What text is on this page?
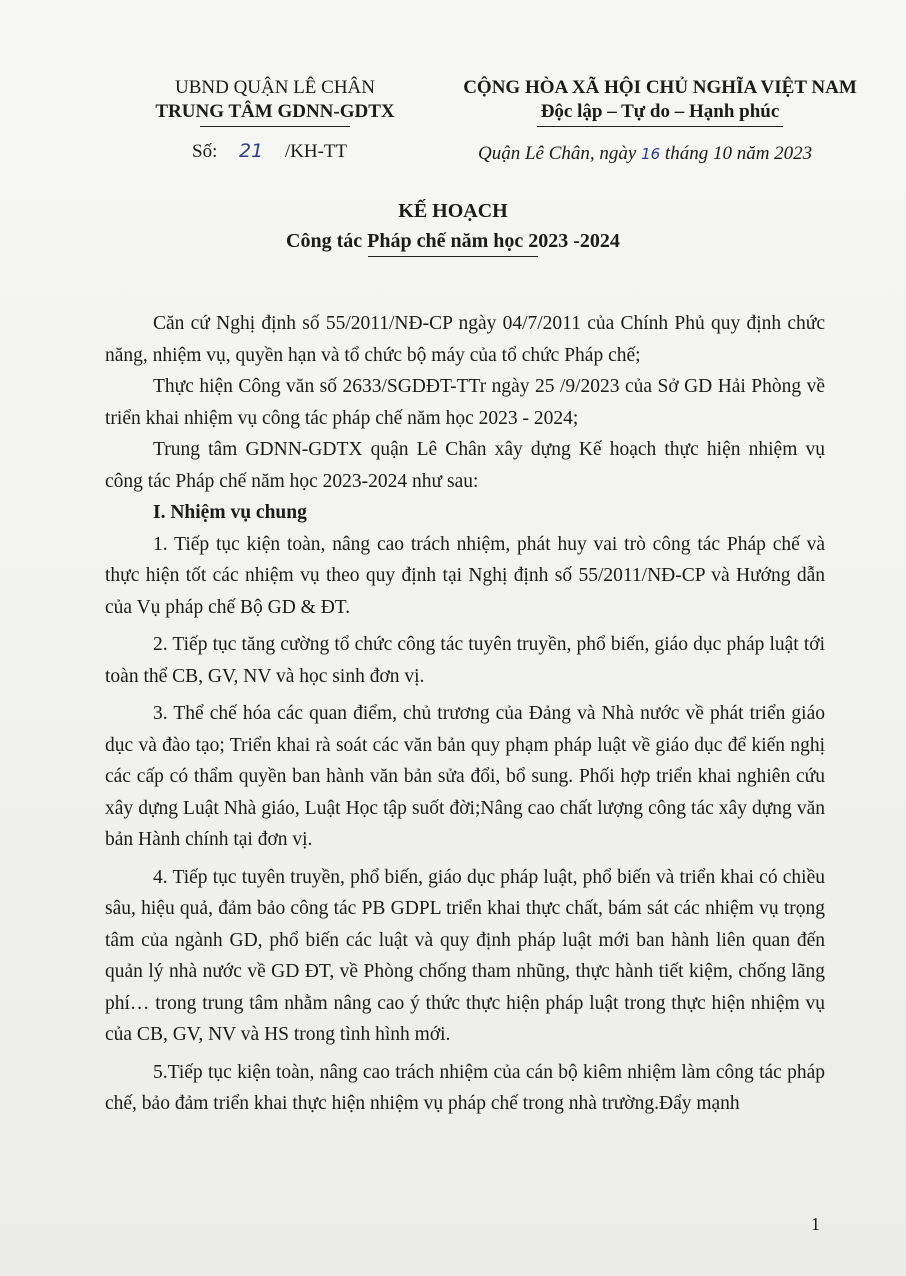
UBND QUẬN LÊ CHÂN
TRUNG TÂM GDNN-GDTX
CỘNG HÒA XÃ HỘI CHỦ NGHĨA VIỆT NAM
Độc lập – Tự do – Hạnh phúc
Số: 21 /KH-TT	Quận Lê Chân, ngày 16 tháng 10 năm 2023
KẾ HOẠCH
Công tác Pháp chế năm học 2023 -2024

Căn cứ Nghị định số 55/2011/NĐ-CP ngày 04/7/2011 của Chính Phủ quy định chức năng, nhiệm vụ, quyền hạn và tổ chức bộ máy của tổ chức Pháp chế;

Thực hiện Công văn số 2633/SGDĐT-TTr ngày 25 /9/2023 của Sở GD Hải Phòng về triển khai nhiệm vụ công tác pháp chế năm học 2023 - 2024;

Trung tâm GDNN-GDTX quận Lê Chân xây dựng Kế hoạch thực hiện nhiệm vụ công tác Pháp chế năm học 2023-2024 như sau:

I. Nhiệm vụ chung

1. Tiếp tục kiện toàn, nâng cao trách nhiệm, phát huy vai trò công tác Pháp chế và thực hiện tốt các nhiệm vụ theo quy định tại Nghị định số 55/2011/NĐ-CP và Hướng dẫn của Vụ pháp chế Bộ GD & ĐT.

2. Tiếp tục tăng cường tổ chức công tác tuyên truyền, phổ biến, giáo dục pháp luật tới toàn thể CB, GV, NV và học sinh đơn vị.

3. Thể chế hóa các quan điểm, chủ trương của Đảng và Nhà nước về phát triển giáo dục và đào tạo; Triển khai rà soát các văn bản quy phạm pháp luật về giáo dục để kiến nghị các cấp có thẩm quyền ban hành văn bản sửa đổi, bổ sung. Phối hợp triển khai nghiên cứu xây dựng Luật Nhà giáo, Luật Học tập suốt đời;Nâng cao chất lượng công tác xây dựng văn bản Hành chính tại đơn vị.

4. Tiếp tục tuyên truyền, phổ biến, giáo dục pháp luật, phổ biến và triển khai có chiều sâu, hiệu quả, đảm bảo công tác PB GDPL triển khai thực chất, bám sát các nhiệm vụ trọng tâm của ngành GD, phổ biến các luật và quy định pháp luật mới ban hành liên quan đến quản lý nhà nước về GD ĐT, về Phòng chống tham nhũng, thực hành tiết kiệm, chống lãng phí… trong trung tâm nhằm nâng cao ý thức thực hiện pháp luật trong thực hiện nhiệm vụ của CB, GV, NV và HS trong tình hình mới.

5.Tiếp tục kiện toàn, nâng cao trách nhiệm của cán bộ kiêm nhiệm làm công tác pháp chế, bảo đảm triển khai thực hiện nhiệm vụ pháp chế trong nhà trường.Đẩy mạnh

1
